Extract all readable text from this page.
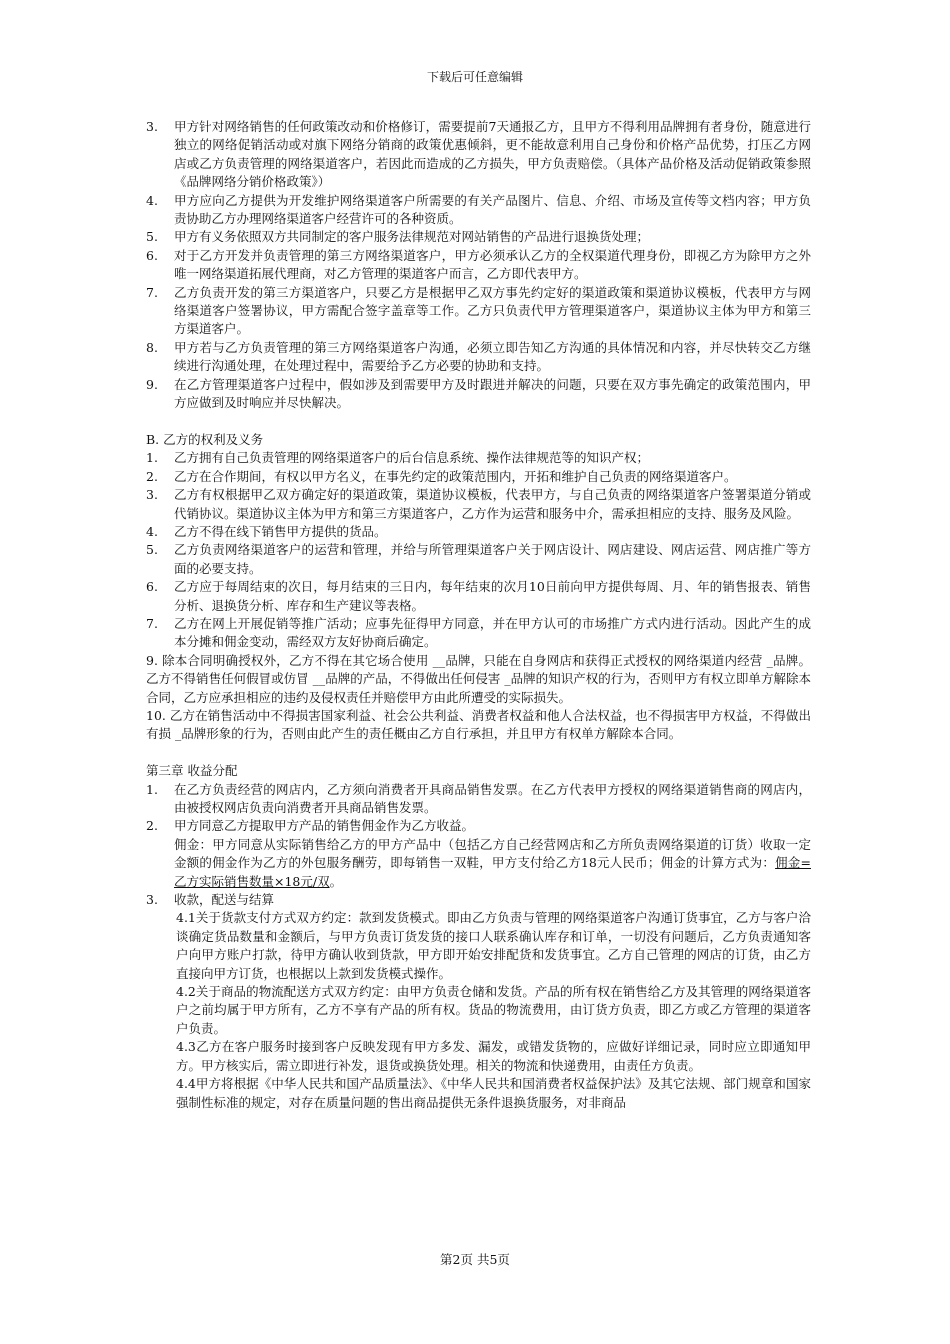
下载后可任意编辑
3.	甲方针对网络销售的任何政策改动和价格修订，需要提前7天通报乙方，且甲方不得利用品牌拥有者身份，随意进行独立的网络促销活动或对旗下网络分销商的政策优惠倾斜，更不能故意利用自己身份和价格产品优势，打压乙方网店或乙方负责管理的网络渠道客户，若因此而造成的乙方损失，甲方负责赔偿。（具体产品价格及活动促销政策参照《品牌网络分销价格政策》）
4.	甲方应向乙方提供为开发维护网络渠道客户所需要的有关产品图片、信息、介绍、市场及宣传等文档内容；甲方负责协助乙方办理网络渠道客户经营许可的各种资质。
5.	甲方有义务依照双方共同制定的客户服务法律规范对网站销售的产品进行退换货处理；
6.	对于乙方开发并负责管理的第三方网络渠道客户，甲方必须承认乙方的全权渠道代理身份，即视乙方为除甲方之外唯一网络渠道拓展代理商，对乙方管理的渠道客户而言，乙方即代表甲方。
7.	乙方负责开发的第三方渠道客户，只要乙方是根据甲乙双方事先约定好的渠道政策和渠道协议模板，代表甲方与网络渠道客户签署协议，甲方需配合签字盖章等工作。乙方只负责代甲方管理渠道客户，渠道协议主体为甲方和第三方渠道客户。
8.	甲方若与乙方负责管理的第三方网络渠道客户沟通，必须立即告知乙方沟通的具体情况和内容，并尽快转交乙方继续进行沟通处理，在处理过程中，需要给予乙方必要的协助和支持。
9.	在乙方管理渠道客户过程中，假如涉及到需要甲方及时跟进并解决的问题，只要在双方事先确定的政策范围内，甲方应做到及时响应并尽快解决。
B. 乙方的权利及义务
1.	乙方拥有自己负责管理的网络渠道客户的后台信息系统、操作法律规范等的知识产权；
2.	乙方在合作期间，有权以甲方名义，在事先约定的政策范围内，开拓和维护自己负责的网络渠道客户。
3.	乙方有权根据甲乙双方确定好的渠道政策，渠道协议模板，代表甲方，与自己负责的网络渠道客户签署渠道分销或代销协议。渠道协议主体为甲方和第三方渠道客户，乙方作为运营和服务中介，需承担相应的支持、服务及风险。
4.	乙方不得在线下销售甲方提供的货品。
5.	乙方负责网络渠道客户的运营和管理，并给与所管理渠道客户关于网店设计、网店建设、网店运营、网店推广等方面的必要支持。
6.	乙方应于每周结束的次日，每月结束的三日内，每年结束的次月10日前向甲方提供每周、月、年的销售报表、销售分析、退换货分析、库存和生产建议等表格。
7.	乙方在网上开展促销等推广活动；应事先征得甲方同意，并在甲方认可的市场推广方式内进行活动。因此产生的成本分摊和佣金变动，需经双方友好协商后确定。
9. 除本合同明确授权外，乙方不得在其它场合使用 __品牌，只能在自身网店和获得正式授权的网络渠道内经营 _品牌。乙方不得销售任何假冒或仿冒 __品牌的产品，不得做出任何侵害 _品牌的知识产权的行为，否则甲方有权立即单方解除本合同，乙方应承担相应的违约及侵权责任并赔偿甲方由此所遭受的实际损失。
10. 乙方在销售活动中不得损害国家利益、社会公共利益、消费者权益和他人合法权益，也不得损害甲方权益，不得做出有损 _品牌形象的行为，否则由此产生的责任概由乙方自行承担，并且甲方有权单方解除本合同。
第三章 收益分配
1.	在乙方负责经营的网店内，乙方须向消费者开具商品销售发票。在乙方代表甲方授权的网络渠道销售商的网店内，由被授权网店负责向消费者开具商品销售发票。
2.	甲方同意乙方提取甲方产品的销售佣金作为乙方收益。
佣金：甲方同意从实际销售给乙方的甲方产品中（包括乙方自己经营网店和乙方所负责网络渠道的订货）收取一定金额的佣金作为乙方的外包服务酬劳，即每销售一双鞋，甲方支付给乙方18元人民币；佣金的计算方式为：佣金=乙方实际销售数量×18元/双。
3.	收款，配送与结算
4.1关于货款支付方式双方约定：款到发货模式。即由乙方负责与管理的网络渠道客户沟通订货事宜，乙方与客户洽谈确定货品数量和金额后，与甲方负责订货发货的接口人联系确认库存和订单，一切没有问题后，乙方负责通知客户向甲方账户打款，待甲方确认收到货款，甲方即开始安排配货和发货事宜。乙方自己管理的网店的订货，由乙方直接向甲方订货，也根据以上款到发货模式操作。
4.2关于商品的物流配送方式双方约定：由甲方负责仓储和发货。产品的所有权在销售给乙方及其管理的网络渠道客户之前均属于甲方所有，乙方不享有产品的所有权。货品的物流费用，由订货方负责，即乙方或乙方管理的渠道客户负责。
4.3乙方在客户服务时接到客户反映发现有甲方多发、漏发，或错发货物的，应做好详细记录，同时应立即通知甲方。甲方核实后，需立即进行补发，退货或换货处理。相关的物流和快递费用，由责任方负责。
4.4甲方将根据《中华人民共和国产品质量法》、《中华人民共和国消费者权益保护法》及其它法规、部门规章和国家强制性标准的规定，对存在质量问题的售出商品提供无条件退换货服务，对非商品
第2页 共5页
